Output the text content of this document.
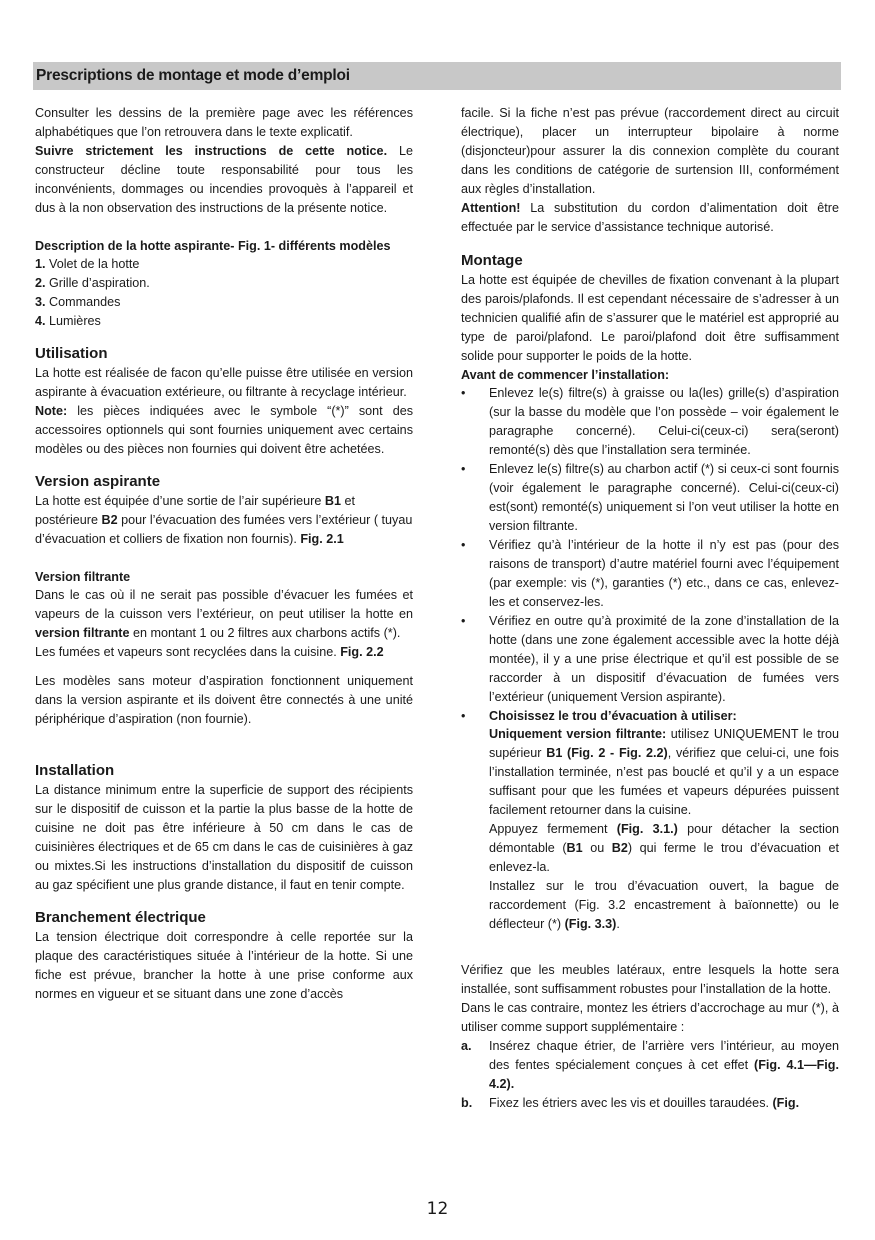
Prescriptions de montage et mode d’emploi

Consulter les dessins de la première page avec les références alphabétiques que l’on retrouvera dans le texte explicatif.

Suivre strictement les instructions de cette notice. Le constructeur décline toute responsabilité pour tous les inconvénients, dommages ou incendies provoquès à l’appareil et dus à la non observation des instructions de la présente notice.

Description de la hotte aspirante- Fig. 1- différents modèles

1. Volet de la hotte

2. Grille d’aspiration.

3. Commandes

4. Lumières

Utilisation

La hotte est réalisée de facon qu’elle puisse être utilisée en version aspirante à évacuation extérieure, ou filtrante à recyclage intérieur.

Note: les pièces indiquées avec le symbole “(*)” sont des accessoires optionnels qui sont fournies uniquement avec certains modèles ou des pièces non fournies qui doivent être achetées.

Version aspirante

La hotte est équipée d’une sortie de l’air supérieure B1 et postérieure B2 pour l’évacuation des fumées vers l’extérieur ( tuyau d’évacuation et colliers de fixation non fournis). Fig. 2.1

Version filtrante

Dans le cas où il ne serait pas possible d’évacuer les fumées et vapeurs de la cuisson vers l’extérieur, on peut utiliser la hotte en version filtrante en montant 1 ou 2 filtres aux charbons actifs (*).

Les fumées et vapeurs sont recyclées dans la cuisine. Fig. 2.2

Les modèles sans moteur d’aspiration fonctionnent uniquement dans la version aspirante et ils doivent être connectés à une unité périphérique d’aspiration (non fournie).

Installation

La distance minimum entre la superficie de support des récipients sur le dispositif de cuisson et la partie la plus basse de la hotte de cuisine ne doit pas être inférieure à 50 cm dans le cas de cuisinières électriques et de 65 cm dans le cas de cuisinières à gaz ou mixtes.Si les instructions d’installation du dispositif de cuisson au gaz spécifient une plus grande distance, il faut en tenir compte.

Branchement électrique

La tension électrique doit correspondre à celle reportée sur la plaque des caractéristiques située à l’intérieur de la hotte. Si une fiche est prévue, brancher la hotte à une prise conforme aux normes en vigueur et se situant dans une zone d’accès

facile. Si la fiche n’est pas prévue (raccordement direct au circuit électrique), placer un interrupteur bipolaire à norme (disjoncteur)pour assurer la dis connexion complète du courant dans les conditions de catégorie de surtension III, conformément aux règles d’installation.

Attention! La substitution du cordon d’alimentation doit être effectuée par le service d’assistance technique autorisé.

Montage

La hotte est équipée de chevilles de fixation convenant à la plupart des parois/plafonds. Il est cependant nécessaire de s’adresser à un technicien qualifié afin de s’assurer que le matériel est approprié au type de paroi/plafond. Le paroi/plafond doit être suffisamment solide pour supporter le poids de la hotte.

Avant de commencer l’installation:

•	Enlevez le(s) filtre(s) à graisse ou la(les) grille(s) d’aspiration (sur la basse du modèle que l’on possède – voir également le paragraphe concerné). Celui-ci(ceux-ci) sera(seront) remonté(s) dès que l’installation sera terminée.
•	Enlevez le(s) filtre(s) au charbon actif (*) si ceux-ci sont fournis (voir également le paragraphe concerné). Celui-ci(ceux-ci) est(sont) remonté(s) uniquement si l’on veut utiliser la hotte en version filtrante.
•	Vérifiez qu’à l’intérieur de la hotte il n’y est pas (pour des raisons de transport) d’autre matériel fourni avec l’équipement (par exemple: vis (*), garanties (*) etc., dans ce cas, enlevez-les et conservez-les.
•	Vérifiez en outre qu’à proximité de la zone d’installation de la hotte (dans une zone également accessible avec la hotte déjà montée), il y a une prise électrique et qu’il est possible de se raccorder à un dispositif d’évacuation de fumées vers l’extérieur (uniquement Version aspirante).
•	Choisissez le trou d’évacuation à utiliser:

Uniquement version filtrante: utilisez UNIQUEMENT le trou supérieur B1 (Fig. 2 - Fig. 2.2), vérifiez que celui-ci, une fois l’installation terminée, n’est pas bouclé et qu’il y a un espace suffisant pour que les fumées et vapeurs dépurées puissent facilement retourner dans la cuisine.

Appuyez fermement (Fig. 3.1.) pour détacher la section démontable (B1 ou B2) qui ferme le trou d’évacuation et enlevez-la.

Installez sur le trou d’évacuation ouvert, la bague de raccordement (Fig. 3.2 encastrement à baïonnette) ou le déflecteur (*) (Fig. 3.3).

Vérifiez que les meubles latéraux, entre lesquels la hotte sera installée, sont suffisamment robustes pour l’installation de la hotte.

Dans le cas contraire, montez les étriers d’accrochage au mur (*), à utiliser comme support supplémentaire :

a.	Insérez chaque étrier, de l’arrière vers l’intérieur, au moyen des fentes spécialement conçues à cet effet (Fig. 4.1—Fig. 4.2).
b.	Fixez les étriers avec les vis et douilles taraudées. (Fig.
12
